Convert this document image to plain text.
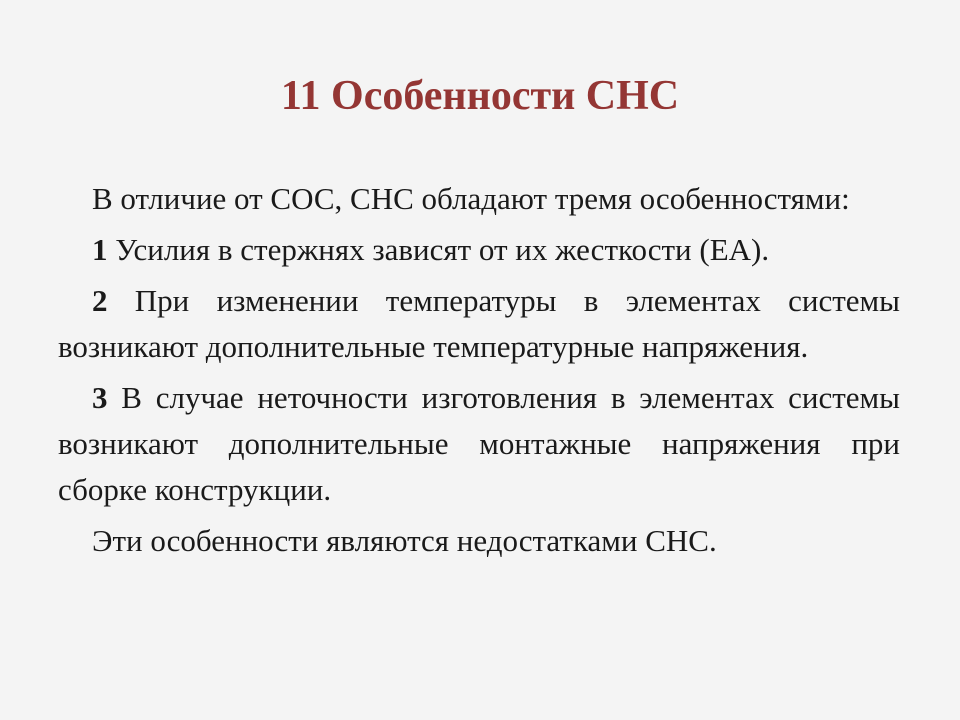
11 Особенности СНС

В отличие от СОС, СНС обладают тремя особенностями:

1 Усилия в стержнях зависят от их жесткости (ЕА).

2 При изменении температуры в элементах системы возникают дополнительные температурные напряжения.

3 В случае неточности изготовления в элементах системы возникают дополнительные монтажные напряжения при сборке конструкции.

Эти особенности являются недостатками СНС.
